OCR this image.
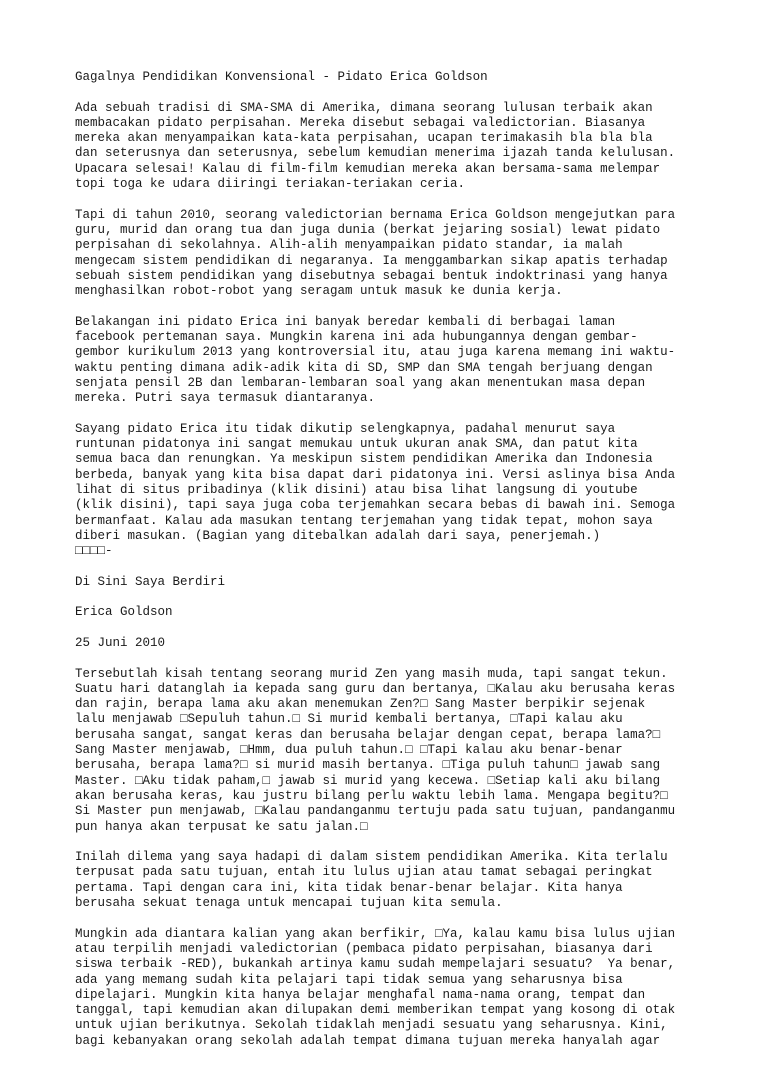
Gagalnya Pendidikan Konvensional - Pidato Erica Goldson
Ada sebuah tradisi di SMA-SMA di Amerika, dimana seorang lulusan terbaik akan
membacakan pidato perpisahan. Mereka disebut sebagai valedictorian. Biasanya
mereka akan menyampaikan kata-kata perpisahan, ucapan terimakasih bla bla bla
dan seterusnya dan seterusnya, sebelum kemudian menerima ijazah tanda kelulusan.
Upacara selesai! Kalau di film-film kemudian mereka akan bersama-sama melempar
topi toga ke udara diiringi teriakan-teriakan ceria.
Tapi di tahun 2010, seorang valedictorian bernama Erica Goldson mengejutkan para
guru, murid dan orang tua dan juga dunia (berkat jejaring sosial) lewat pidato
perpisahan di sekolahnya. Alih-alih menyampaikan pidato standar, ia malah
mengecam sistem pendidikan di negaranya. Ia menggambarkan sikap apatis terhadap
sebuah sistem pendidikan yang disebutnya sebagai bentuk indoktrinasi yang hanya
menghasilkan robot-robot yang seragam untuk masuk ke dunia kerja.
Belakangan ini pidato Erica ini banyak beredar kembali di berbagai laman
facebook pertemanan saya. Mungkin karena ini ada hubungannya dengan gembar-
gembor kurikulum 2013 yang kontroversial itu, atau juga karena memang ini waktu-
waktu penting dimana adik-adik kita di SD, SMP dan SMA tengah berjuang dengan
senjata pensil 2B dan lembaran-lembaran soal yang akan menentukan masa depan
mereka. Putri saya termasuk diantaranya.
Sayang pidato Erica itu tidak dikutip selengkapnya, padahal menurut saya
runtunan pidatonya ini sangat memukau untuk ukuran anak SMA, dan patut kita
semua baca dan renungkan. Ya meskipun sistem pendidikan Amerika dan Indonesia
berbeda, banyak yang kita bisa dapat dari pidatonya ini. Versi aslinya bisa Anda
lihat di situs pribadinya (klik disini) atau bisa lihat langsung di youtube
(klik disini), tapi saya juga coba terjemahkan secara bebas di bawah ini. Semoga
bermanfaat. Kalau ada masukan tentang terjemahan yang tidak tepat, mohon saya
diberi masukan. (Bagian yang ditebalkan adalah dari saya, penerjemah.)
□□□□-
Di Sini Saya Berdiri
Erica Goldson
25 Juni 2010
Tersebutlah kisah tentang seorang murid Zen yang masih muda, tapi sangat tekun.
Suatu hari datanglah ia kepada sang guru dan bertanya, □Kalau aku berusaha keras
dan rajin, berapa lama aku akan menemukan Zen?□ Sang Master berpikir sejenak
lalu menjawab □Sepuluh tahun.□ Si murid kembali bertanya, □Tapi kalau aku
berusaha sangat, sangat keras dan berusaha belajar dengan cepat, berapa lama?□
Sang Master menjawab, □Hmm, dua puluh tahun.□ □Tapi kalau aku benar-benar
berusaha, berapa lama?□ si murid masih bertanya. □Tiga puluh tahun□ jawab sang
Master. □Aku tidak paham,□ jawab si murid yang kecewa. □Setiap kali aku bilang
akan berusaha keras, kau justru bilang perlu waktu lebih lama. Mengapa begitu?□
Si Master pun menjawab, □Kalau pandanganmu tertuju pada satu tujuan, pandanganmu
pun hanya akan terpusat ke satu jalan.□
Inilah dilema yang saya hadapi di dalam sistem pendidikan Amerika. Kita terlalu
terpusat pada satu tujuan, entah itu lulus ujian atau tamat sebagai peringkat
pertama. Tapi dengan cara ini, kita tidak benar-benar belajar. Kita hanya
berusaha sekuat tenaga untuk mencapai tujuan kita semula.
Mungkin ada diantara kalian yang akan berfikir, □Ya, kalau kamu bisa lulus ujian
atau terpilih menjadi valedictorian (pembaca pidato perpisahan, biasanya dari
siswa terbaik -RED), bukankah artinya kamu sudah mempelajari sesuatu?  Ya benar,
ada yang memang sudah kita pelajari tapi tidak semua yang seharusnya bisa
dipelajari. Mungkin kita hanya belajar menghafal nama-nama orang, tempat dan
tanggal, tapi kemudian akan dilupakan demi memberikan tempat yang kosong di otak
untuk ujian berikutnya. Sekolah tidaklah menjadi sesuatu yang seharusnya. Kini,
bagi kebanyakan orang sekolah adalah tempat dimana tujuan mereka hanyalah agar
